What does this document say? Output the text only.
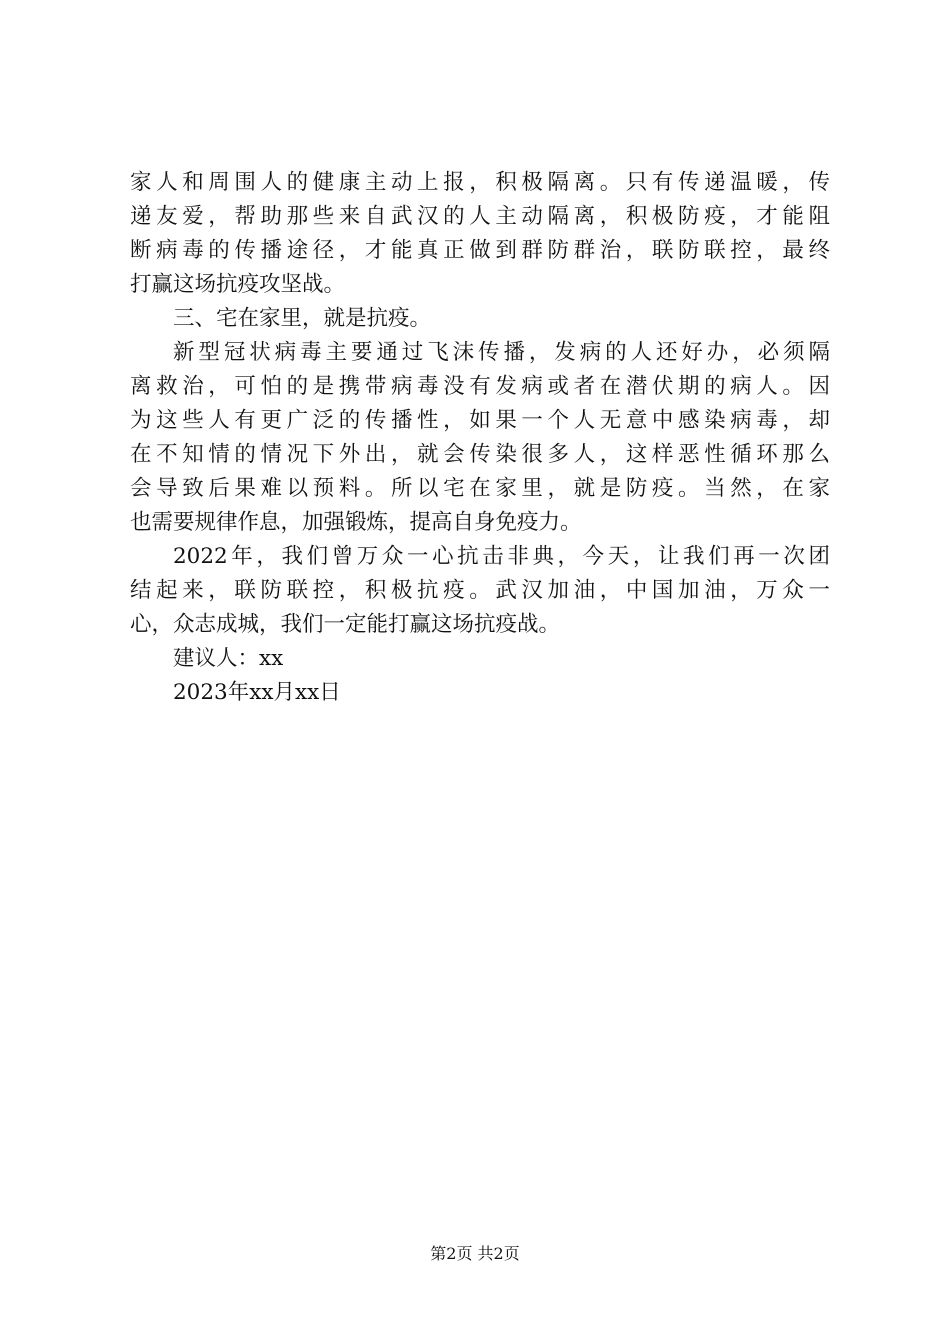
家人和周围人的健康主动上报，积极隔离。只有传递温暖，传
递友爱，帮助那些来自武汉的人主动隔离，积极防疫，才能阻
断病毒的传播途径，才能真正做到群防群治，联防联控，最终
打赢这场抗疫攻坚战。
三、宅在家里，就是抗疫。
新型冠状病毒主要通过飞沫传播，发病的人还好办，必须隔
离救治，可怕的是携带病毒没有发病或者在潜伏期的病人。因
为这些人有更广泛的传播性，如果一个人无意中感染病毒，却
在不知情的情况下外出，就会传染很多人，这样恶性循环那么
会导致后果难以预料。所以宅在家里，就是防疫。当然，在家
也需要规律作息，加强锻炼，提高自身免疫力。
2022年，我们曾万众一心抗击非典，今天，让我们再一次团
结起来，联防联控，积极抗疫。武汉加油，中国加油，万众一
心，众志成城，我们一定能打赢这场抗疫战。
建议人：xx
2023年xx月xx日
第2页 共2页
